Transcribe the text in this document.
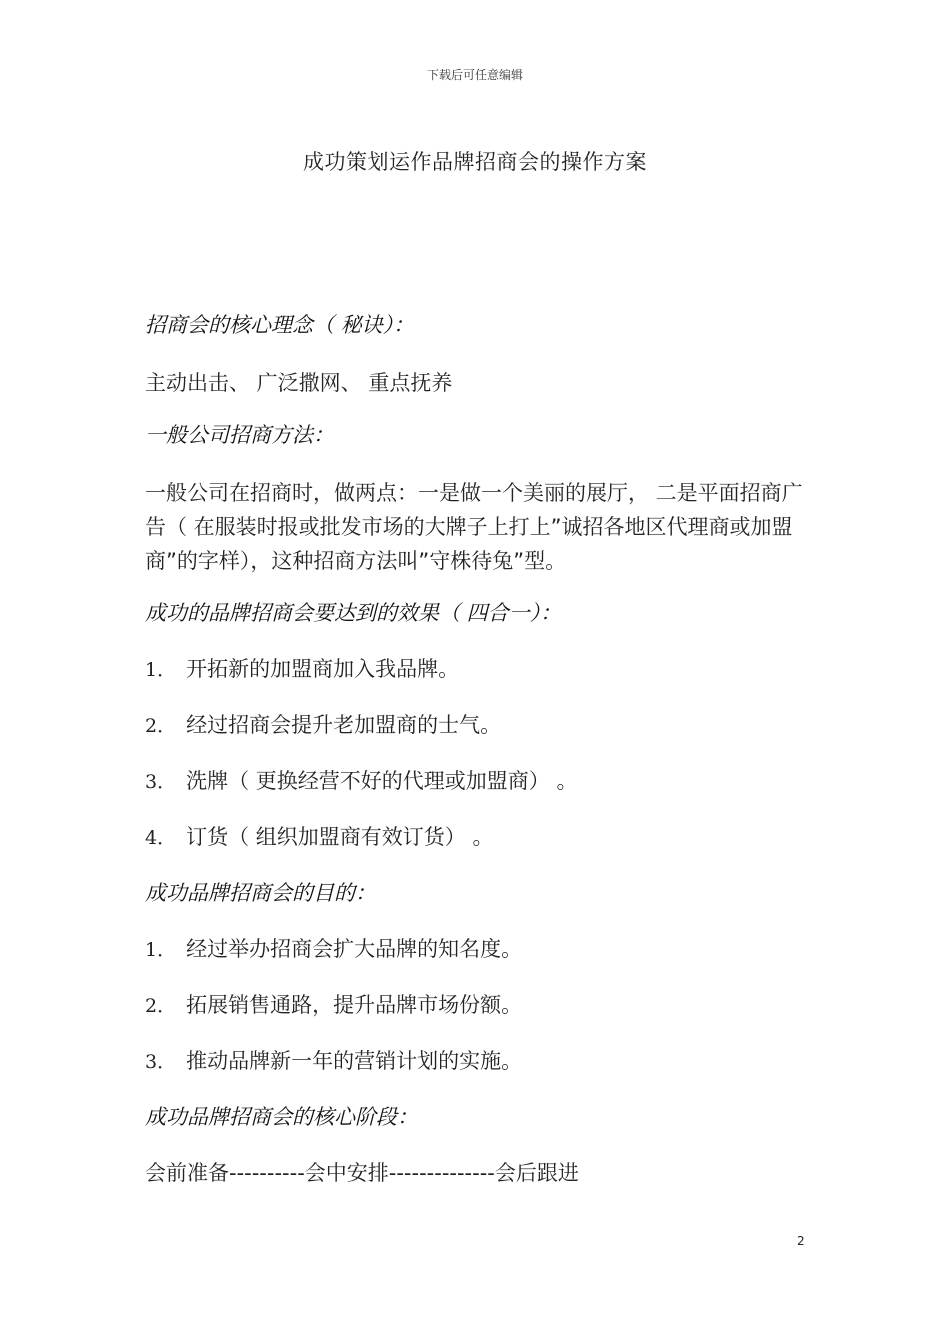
下载后可任意编辑
成功策划运作品牌招商会的操作方案
招商会的核心理念（ 秘诀）：
主动出击、 广泛撒网、 重点抚养
一般公司招商方法：
一般公司在招商时，做两点：一是做一个美丽的展厅， 二是平面招商广告（ 在服装时报或批发市场的大牌子上打上”诚招各地区代理商或加盟商”的字样），这种招商方法叫”守株待兔”型。
成功的品牌招商会要达到的效果（ 四合一）：
1． 开拓新的加盟商加入我品牌。
2． 经过招商会提升老加盟商的士气。
3． 洗牌（ 更换经营不好的代理或加盟商） 。
4． 订货（ 组织加盟商有效订货） 。
成功品牌招商会的目的：
1． 经过举办招商会扩大品牌的知名度。
2． 拓展销售通路，提升品牌市场份额。
3． 推动品牌新一年的营销计划的实施。
成功品牌招商会的核心阶段：
会前准备----------会中安排--------------会后跟进
2
